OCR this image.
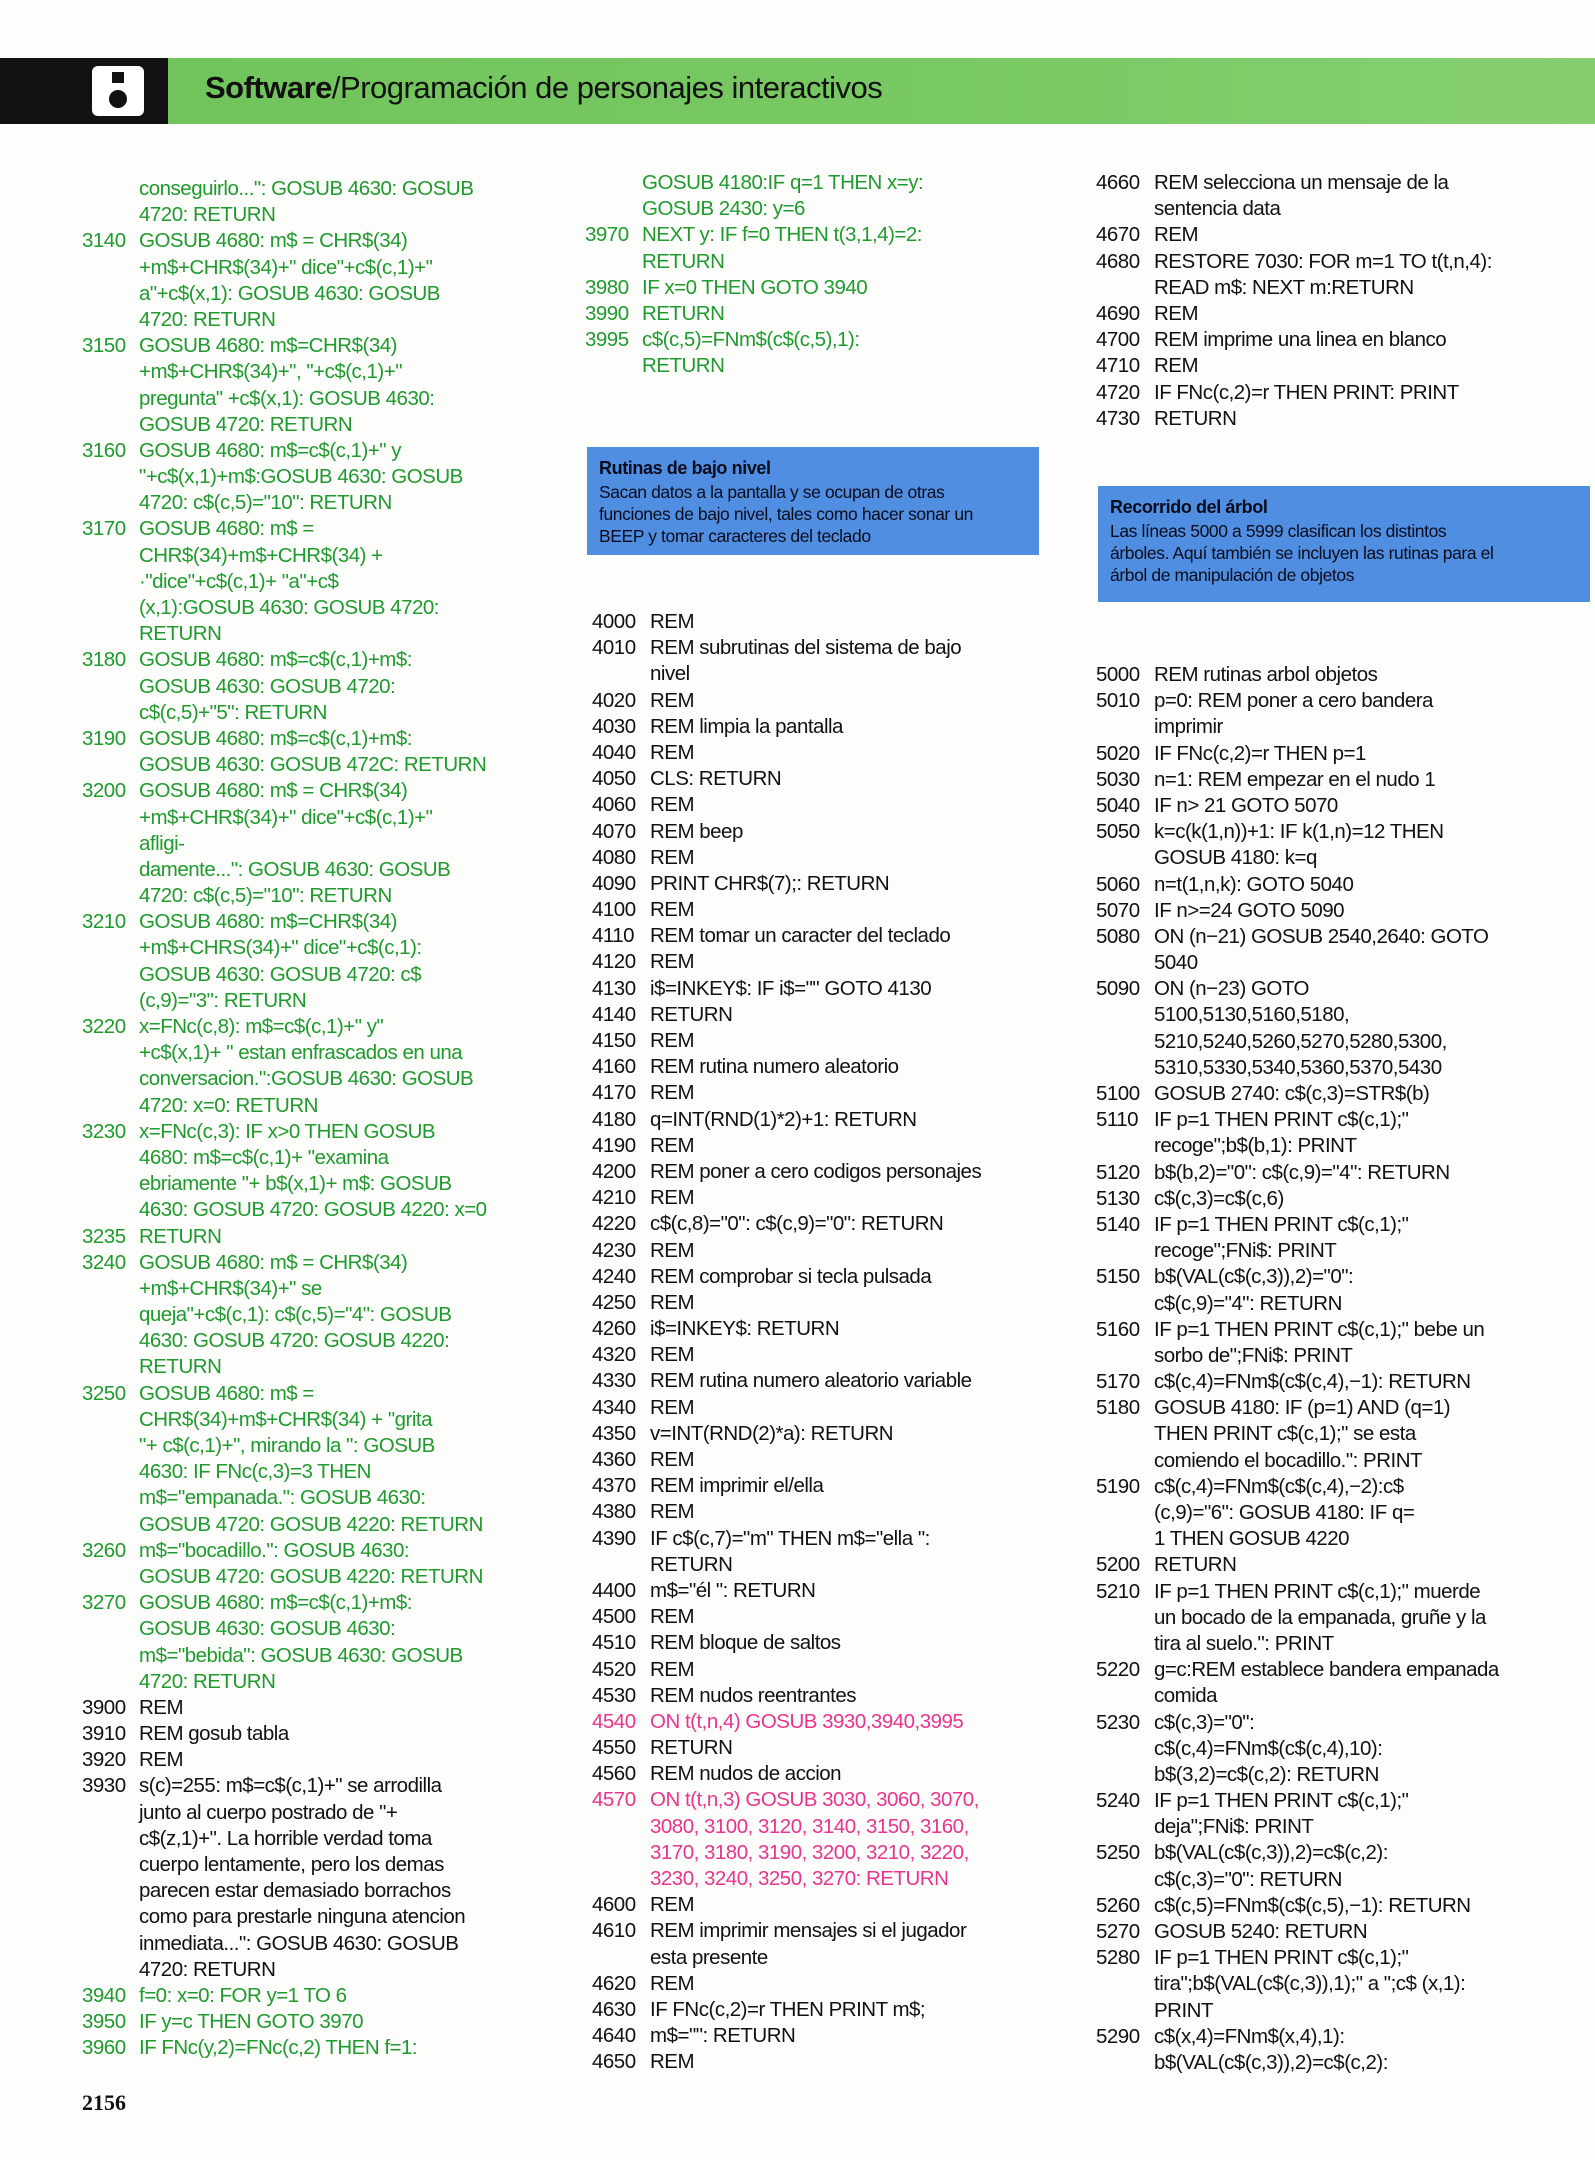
Software/Programación de personajes interactivos
conseguirlo...": GOSUB 4630: GOSUB
4720: RETURN
3140 GOSUB 4680: m$ = CHR$(34)
+m$+CHR$(34)+" dice"+c$(c,1)+"
a"+c$(x,1): GOSUB 4630: GOSUB
4720: RETURN
3150 GOSUB 4680: m$=CHR$(34)
+m$+CHR$(34)+", "+c$(c,1)+"
pregunta" +c$(x,1): GOSUB 4630:
GOSUB 4720: RETURN
3160 GOSUB 4680: m$=c$(c,1)+" y
"+c$(x,1)+m$:GOSUB 4630: GOSUB
4720: c$(c,5)="10": RETURN
3170 GOSUB 4680: m$ =
CHR$(34)+m$+CHR$(34) +
·"dice"+c$(c,1)+ "a"+c$
(x,1):GOSUB 4630: GOSUB 4720:
RETURN
3180 GOSUB 4680: m$=c$(c,1)+m$:
GOSUB 4630: GOSUB 4720:
c$(c,5)+"5": RETURN
3190 GOSUB 4680: m$=c$(c,1)+m$:
GOSUB 4630: GOSUB 472C: RETURN
3200 GOSUB 4680: m$ = CHR$(34)
+m$+CHR$(34)+" dice"+c$(c,1)+"
afligi-
damente...": GOSUB 4630: GOSUB
4720: c$(c,5)="10": RETURN
3210 GOSUB 4680: m$=CHR$(34)
+m$+CHRS(34)+" dice"+c$(c,1):
GOSUB 4630: GOSUB 4720: c$
(c,9)="3": RETURN
3220 x=FNc(c,8): m$=c$(c,1)+" y"
+c$(x,1)+ " estan enfrascados en una
conversacion.":GOSUB 4630: GOSUB
4720: x=0: RETURN
3230 x=FNc(c,3): IF x>0 THEN GOSUB
4680: m$=c$(c,1)+ "examina
ebriamente "+ b$(x,1)+ m$: GOSUB
4630: GOSUB 4720: GOSUB 4220: x=0
3235 RETURN
3240 GOSUB 4680: m$ = CHR$(34)
+m$+CHR$(34)+" se
queja"+c$(c,1): c$(c,5)="4": GOSUB
4630: GOSUB 4720: GOSUB 4220:
RETURN
3250 GOSUB 4680: m$ =
CHR$(34)+m$+CHR$(34) + "grita
"+ c$(c,1)+", mirando la ": GOSUB
4630: IF FNc(c,3)=3 THEN
m$="empanada.": GOSUB 4630:
GOSUB 4720: GOSUB 4220: RETURN
3260 m$="bocadillo.": GOSUB 4630:
GOSUB 4720: GOSUB 4220: RETURN
3270 GOSUB 4680: m$=c$(c,1)+m$:
GOSUB 4630: GOSUB 4630:
m$="bebida": GOSUB 4630: GOSUB
4720: RETURN
3900 REM
3910 REM gosub tabla
3920 REM
3930 s(c)=255: m$=c$(c,1)+" se arrodilla
junto al cuerpo postrado de "+
c$(z,1)+". La horrible verdad toma
cuerpo lentamente, pero los demas
parecen estar demasiado borrachos
como para prestarle ninguna atencion
inmediata...": GOSUB 4630: GOSUB
4720: RETURN
3940 f=0: x=0: FOR y=1 TO 6
3950 IF y=c THEN GOTO 3970
3960 IF FNc(y,2)=FNc(c,2) THEN f=1:
GOSUB 4180:IF q=1 THEN x=y:
GOSUB 2430: y=6
3970 NEXT y: IF f=0 THEN t(3,1,4)=2:
RETURN
3980 IF x=0 THEN GOTO 3940
3990 RETURN
3995 c$(c,5)=FNm$(c$(c,5),1):
RETURN
4000 REM
4010 REM subrutinas del sistema de bajo
nivel
4020 REM
4030 REM limpia la pantalla
4040 REM
4050 CLS: RETURN
4060 REM
4070 REM beep
4080 REM
4090 PRINT CHR$(7);: RETURN
4100 REM
4110 REM tomar un caracter del teclado
4120 REM
4130 i$=INKEY$: IF i$="" GOTO 4130
4140 RETURN
4150 REM
4160 REM rutina numero aleatorio
4170 REM
4180 q=INT(RND(1)*2)+1: RETURN
4190 REM
4200 REM poner a cero codigos personajes
4210 REM
4220 c$(c,8)="0": c$(c,9)="0": RETURN
4230 REM
4240 REM comprobar si tecla pulsada
4250 REM
4260 i$=INKEY$: RETURN
4320 REM
4330 REM rutina numero aleatorio variable
4340 REM
4350 v=INT(RND(2)*a): RETURN
4360 REM
4370 REM imprimir el/ella
4380 REM
4390 IF c$(c,7)="m" THEN m$="ella ":
RETURN
4400 m$="él ": RETURN
4500 REM
4510 REM bloque de saltos
4520 REM
4530 REM nudos reentrantes
4540 ON t(t,n,4) GOSUB 3930,3940,3995
4550 RETURN
4560 REM nudos de accion
4570 ON t(t,n,3) GOSUB 3030, 3060, 3070,
3080, 3100, 3120, 3140, 3150, 3160,
3170, 3180, 3190, 3200, 3210, 3220,
3230, 3240, 3250, 3270: RETURN
4600 REM
4610 REM imprimir mensajes si el jugador
esta presente
4620 REM
4630 IF FNc(c,2)=r THEN PRINT m$;
4640 m$="": RETURN
4650 REM
4660 REM selecciona un mensaje de la
sentencia data
4670 REM
4680 RESTORE 7030: FOR m=1 TO t(t,n,4):
READ m$: NEXT m:RETURN
4690 REM
4700 REM imprime una linea en blanco
4710 REM
4720 IF FNc(c,2)=r THEN PRINT: PRINT
4730 RETURN
5000 REM rutinas arbol objetos
5010 p=0: REM poner a cero bandera
imprimir
5020 IF FNc(c,2)=r THEN p=1
5030 n=1: REM empezar en el nudo 1
5040 IF n> 21 GOTO 5070
5050 k=c(k(1,n))+1: IF k(1,n)=12 THEN
GOSUB 4180: k=q
5060 n=t(1,n,k): GOTO 5040
5070 IF n>=24 GOTO 5090
5080 ON (n−21) GOSUB 2540,2640: GOTO
5040
5090 ON (n−23) GOTO
5100,5130,5160,5180,
5210,5240,5260,5270,5280,5300,
5310,5330,5340,5360,5370,5430
5100 GOSUB 2740: c$(c,3)=STR$(b)
5110 IF p=1 THEN PRINT c$(c,1);"
recoge";b$(b,1): PRINT
5120 b$(b,2)="0": c$(c,9)="4": RETURN
5130 c$(c,3)=c$(c,6)
5140 IF p=1 THEN PRINT c$(c,1);"
recoge";FNi$: PRINT
5150 b$(VAL(c$(c,3)),2)="0":
c$(c,9)="4": RETURN
5160 IF p=1 THEN PRINT c$(c,1);" bebe un
sorbo de";FNi$: PRINT
5170 c$(c,4)=FNm$(c$(c,4),−1): RETURN
5180 GOSUB 4180: IF (p=1) AND (q=1)
THEN PRINT c$(c,1);" se esta
comiendo el bocadillo.": PRINT
5190 c$(c,4)=FNm$(c$(c,4),−2):c$
(c,9)="6": GOSUB 4180: IF q=
1 THEN GOSUB 4220
5200 RETURN
5210 IF p=1 THEN PRINT c$(c,1);" muerde
un bocado de la empanada, gruñe y la
tira al suelo.": PRINT
5220 g=c:REM establece bandera empanada
comida
5230 c$(c,3)="0":
c$(c,4)=FNm$(c$(c,4),10):
b$(3,2)=c$(c,2): RETURN
5240 IF p=1 THEN PRINT c$(c,1);"
deja";FNi$: PRINT
5250 b$(VAL(c$(c,3)),2)=c$(c,2):
c$(c,3)="0": RETURN
5260 c$(c,5)=FNm$(c$(c,5),−1): RETURN
5270 GOSUB 5240: RETURN
5280 IF p=1 THEN PRINT c$(c,1);"
tira";b$(VAL(c$(c,3)),1);" a ";c$ (x,1):
PRINT
5290 c$(x,4)=FNm$(x,4),1):
b$(VAL(c$(c,3)),2)=c$(c,2):
Rutinas de bajo nivel
Sacan datos a la pantalla y se ocupan de otras
funciones de bajo nivel, tales como hacer sonar un
BEEP y tomar caracteres del teclado
Recorrido del árbol
Las líneas 5000 a 5999 clasifican los distintos
árboles. Aquí también se incluyen las rutinas para el
árbol de manipulación de objetos
2156
